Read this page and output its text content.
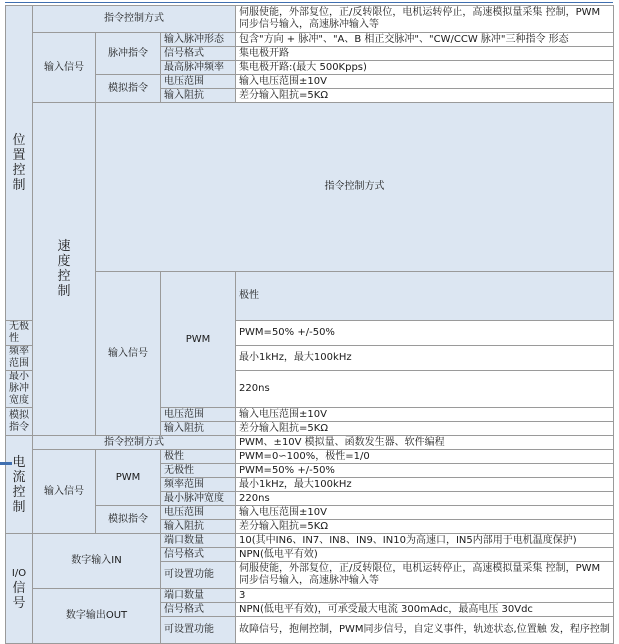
位
置
控
制	指令控制方式			伺服使能，外部复位，正/反转限位，电机运转停止，高速模拟量采集 控制，PWM同步信号输入，高速脉冲输入等	
	输入信号	脉冲指令	输入脉冲形态	包含"方向 + 脉冲"、"A、B 相正交脉冲"、"CW/CCW 脉冲"三种指令 形态	
			信号格式	集电极开路	
			最高脉冲频率	集电极开路:(最大 500Kpps)	
		模拟指令	电压范围	输入电压范围±10V	
			输入阻抗	差分输入阻抗=5KΩ	

	速
度
控
制	指令控制方式	
		输入信号	PWM	极性	
无极性				PWM=50% +/-50%	
频率范围				最小1kHz，最大100kHz	
最小脉冲宽度				220ns	
模拟指令			电压范围	输入电压范围±10V	
			输入阻抗	差分输入阻抗=5KΩ	

电
流
控
制	指令控制方式			PWM、±10V 模拟量、函数发生器、软件编程	
	输入信号	PWM	极性	PWM=0∽100%，极性=1/0	
			无极性	PWM=50% +/-50%	
			频率范围	最小1kHz，最大100kHz	
			最小脉冲宽度	220ns	
		模拟指令	电压范围	输入电压范围±10V	
			输入阻抗	差分输入阻抗=5KΩ	

I/O
信
号	数字输入IN		端口数量	10(其中IN6、IN7、IN8、IN9、IN10为高速口，IN5内部用于电机温度保护)	
			信号格式	NPN(低电平有效)	
			可设置功能	伺服使能，外部复位，正/反转限位，电机运转停止，高速模拟量采集 控制，PWM同步信号输入，高速脉冲输入等	
	数字输出OUT		端口数量	3	
			信号格式	NPN(低电平有效)，可承受最大电流 300mAdc，最高电压 30Vdc	
			可设置功能	故障信号，抱闸控制，PWM同步信号，自定义事件，轨迹状态,位置触 发，程序控制	
